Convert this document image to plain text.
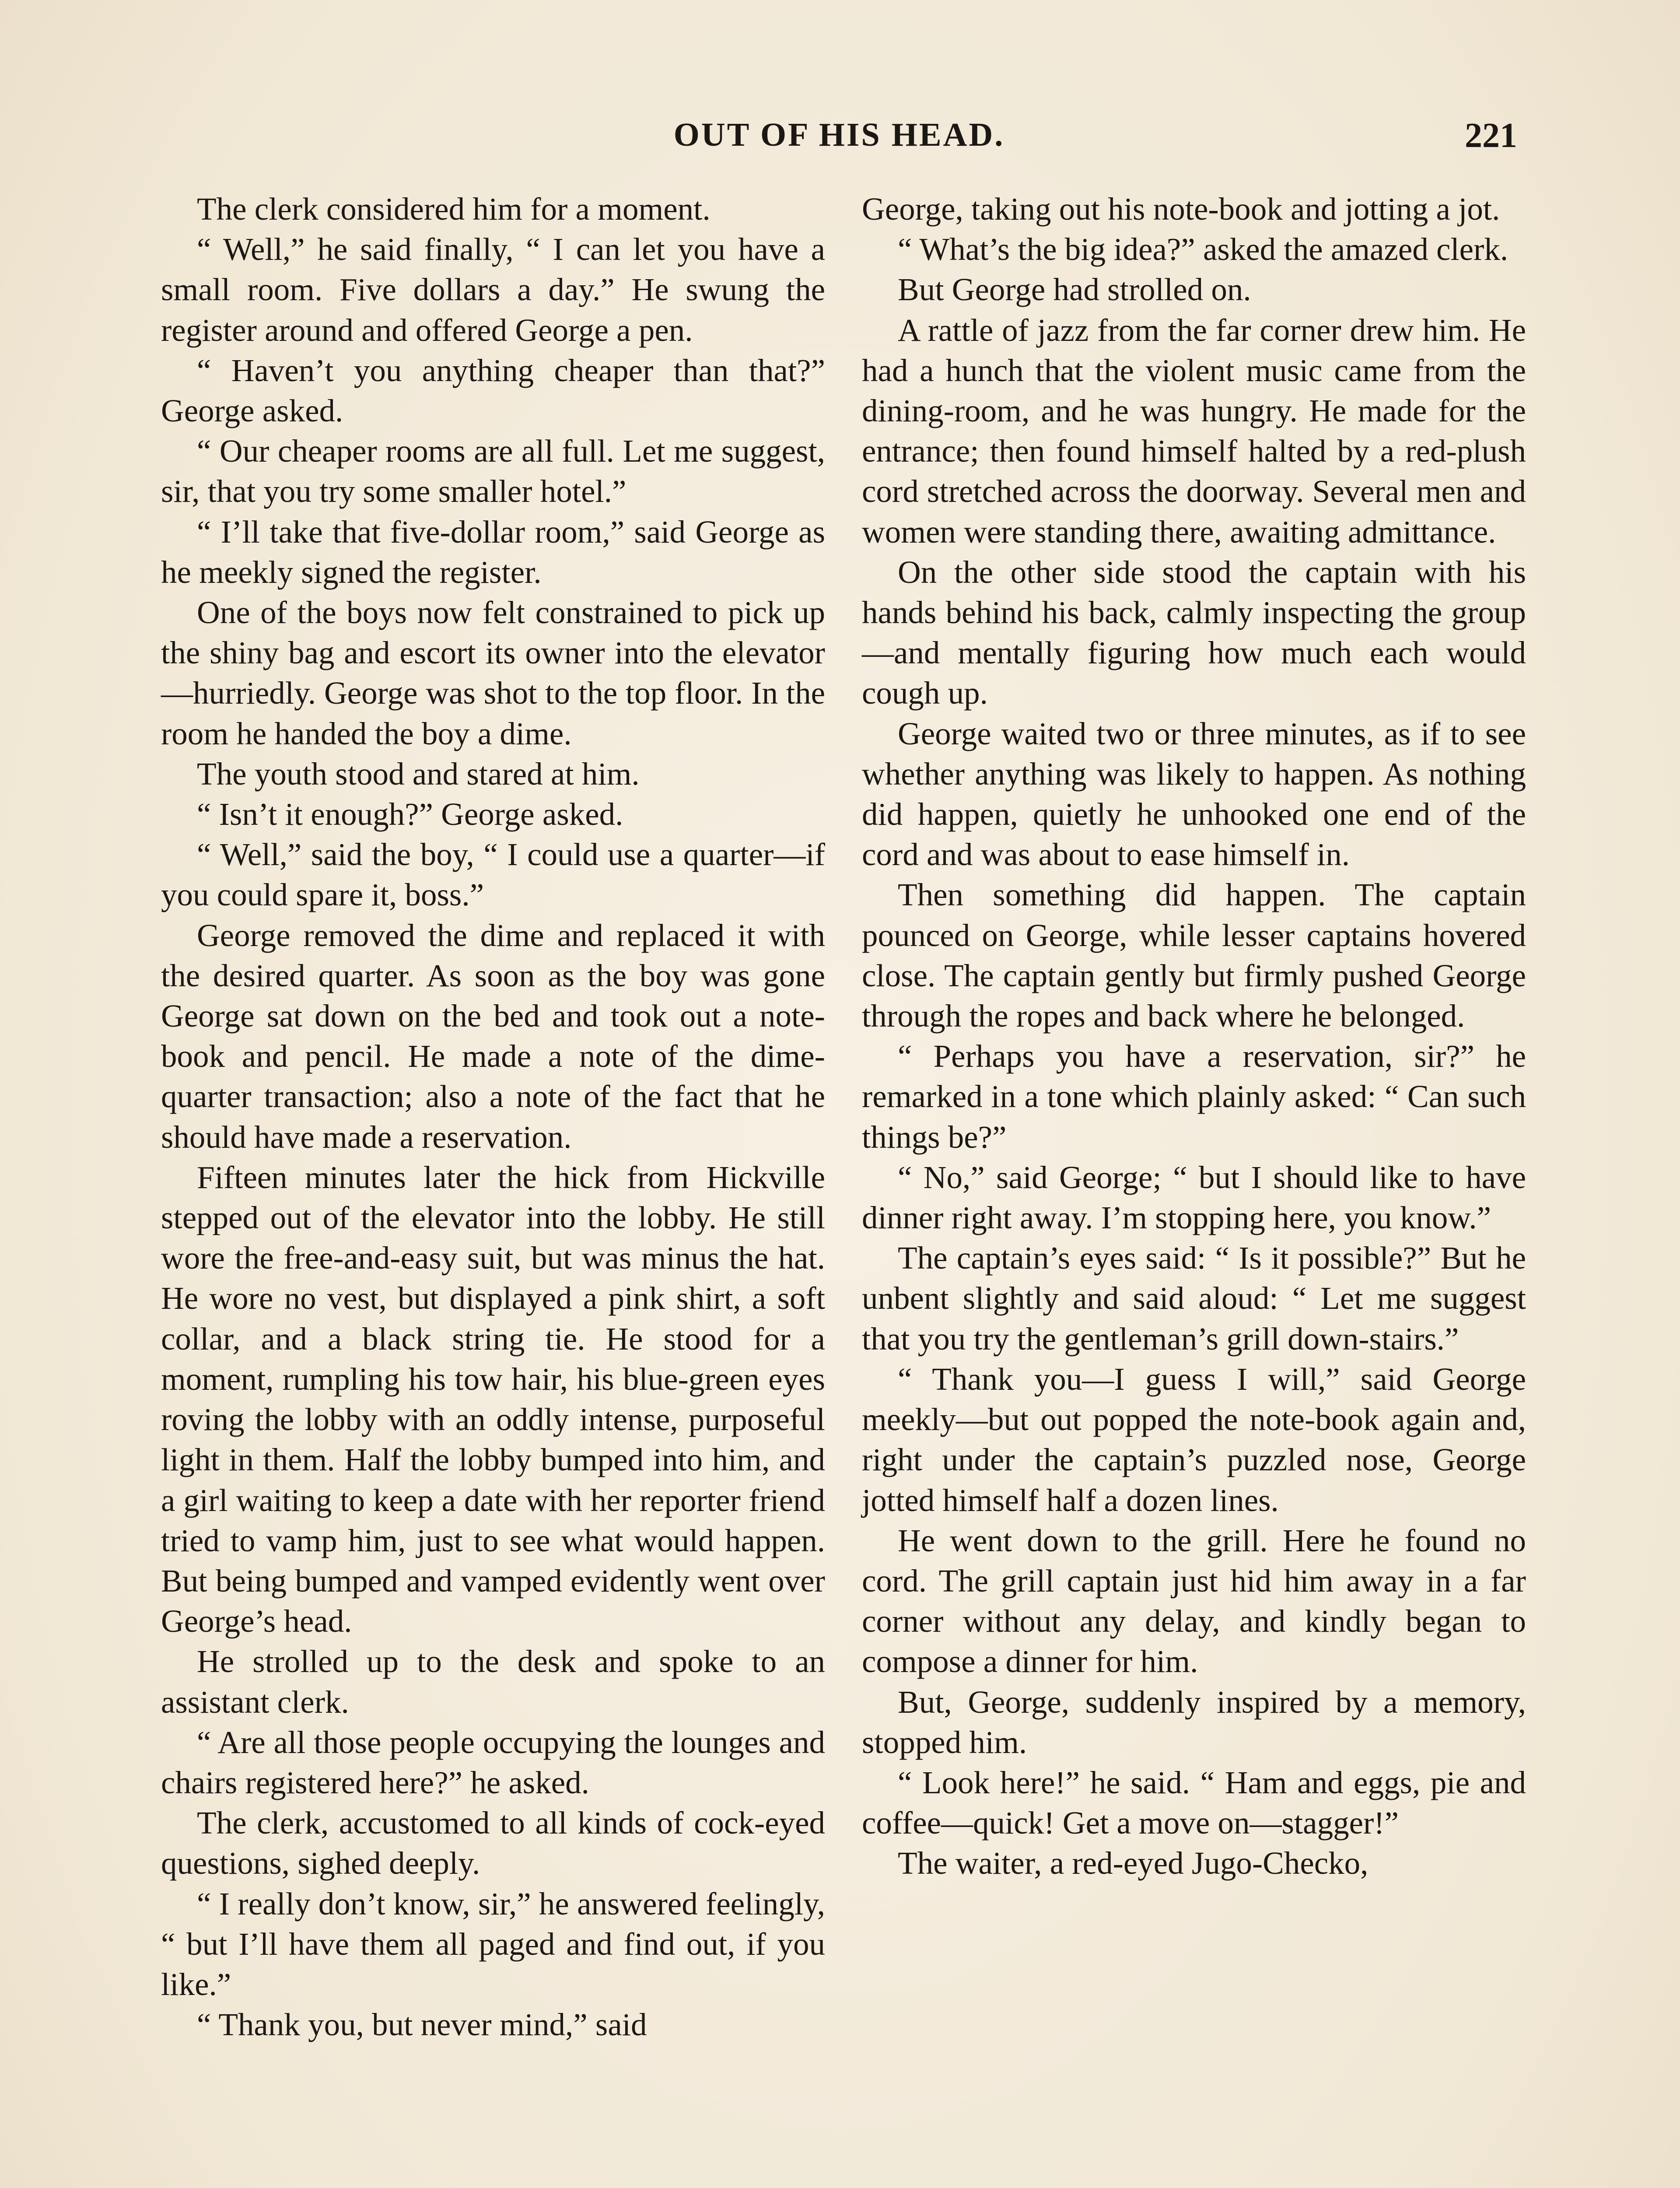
OUT OF HIS HEAD.	221

The clerk considered him for a moment.

“ Well,” he said finally, “ I can let you have a small room. Five dollars a day.” He swung the register around and offered George a pen.

“ Haven’t you anything cheaper than that?” George asked.

“ Our cheaper rooms are all full. Let me suggest, sir, that you try some smaller hotel.”

“ I’ll take that five-dollar room,” said George as he meekly signed the register.

One of the boys now felt constrained to pick up the shiny bag and escort its owner into the elevator—hurriedly. George was shot to the top floor. In the room he handed the boy a dime.

The youth stood and stared at him.

“ Isn’t it enough?” George asked.

“ Well,” said the boy, “ I could use a quarter—if you could spare it, boss.”

George removed the dime and replaced it with the desired quarter. As soon as the boy was gone George sat down on the bed and took out a note-book and pencil. He made a note of the dime-quarter transaction; also a note of the fact that he should have made a reservation.

Fifteen minutes later the hick from Hickville stepped out of the elevator into the lobby. He still wore the free-and-easy suit, but was minus the hat. He wore no vest, but displayed a pink shirt, a soft collar, and a black string tie. He stood for a moment, rumpling his tow hair, his blue-green eyes roving the lobby with an oddly intense, purposeful light in them. Half the lobby bumped into him, and a girl waiting to keep a date with her reporter friend tried to vamp him, just to see what would happen. But being bumped and vamped evidently went over George’s head.

He strolled up to the desk and spoke to an assistant clerk.

“ Are all those people occupying the lounges and chairs registered here?” he asked.

The clerk, accustomed to all kinds of cock-eyed questions, sighed deeply.

“ I really don’t know, sir,” he answered feelingly, “ but I’ll have them all paged and find out, if you like.”

“ Thank you, but never mind,” said

George, taking out his note-book and jotting a jot.

“ What’s the big idea?” asked the amazed clerk.

But George had strolled on.

A rattle of jazz from the far corner drew him. He had a hunch that the violent music came from the dining-room, and he was hungry. He made for the entrance; then found himself halted by a red-plush cord stretched across the doorway. Several men and women were standing there, awaiting admittance.

On the other side stood the captain with his hands behind his back, calmly inspecting the group—and mentally figuring how much each would cough up.

George waited two or three minutes, as if to see whether anything was likely to happen. As nothing did happen, quietly he unhooked one end of the cord and was about to ease himself in.

Then something did happen. The captain pounced on George, while lesser captains hovered close. The captain gently but firmly pushed George through the ropes and back where he belonged.

“ Perhaps you have a reservation, sir?” he remarked in a tone which plainly asked: “ Can such things be?”

“ No,” said George; “ but I should like to have dinner right away. I’m stopping here, you know.”

The captain’s eyes said: “ Is it possible?” But he unbent slightly and said aloud: “ Let me suggest that you try the gentleman’s grill down-stairs.”

“ Thank you—I guess I will,” said George meekly—but out popped the note-book again and, right under the captain’s puzzled nose, George jotted himself half a dozen lines.

He went down to the grill. Here he found no cord. The grill captain just hid him away in a far corner without any delay, and kindly began to compose a dinner for him.

But, George, suddenly inspired by a memory, stopped him.

“ Look here!” he said. “ Ham and eggs, pie and coffee—quick! Get a move on—stagger!”

The waiter, a red-eyed Jugo-Checko,
